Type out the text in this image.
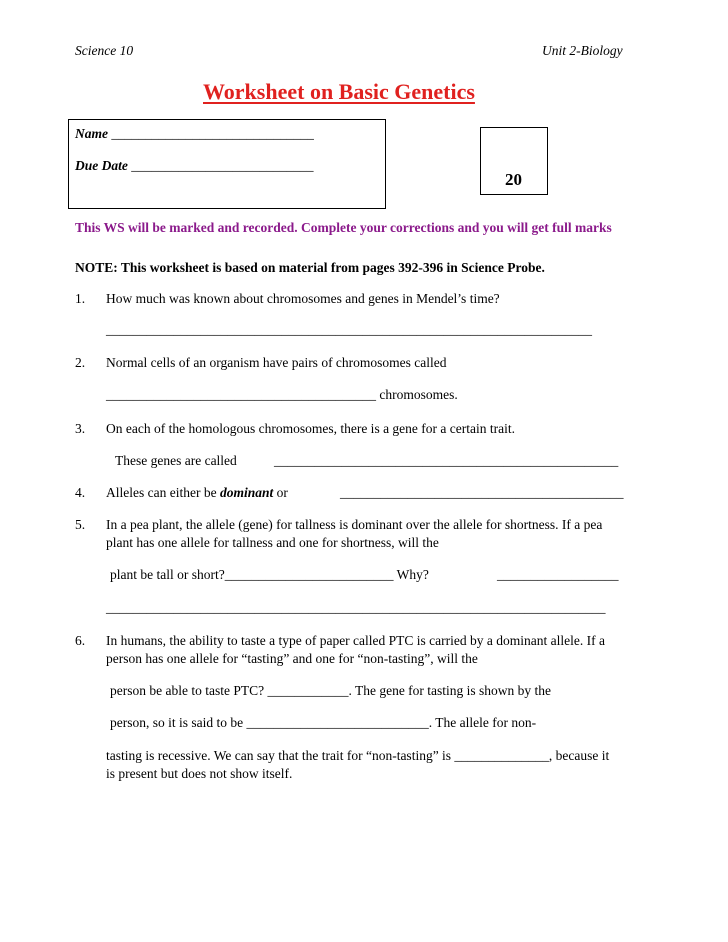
Science 10	Unit 2-Biology
Worksheet on Basic Genetics
Name ______________________________
Due Date ___________________________
20
This WS will be marked and recorded. Complete your corrections and you will get full marks
NOTE: This worksheet is based on material from pages 392-396 in Science Probe.
1. How much was known about chromosomes and genes in Mendel’s time?
________________________________________________________________________
2. Normal cells of an organism have pairs of chromosomes called
________________________________________ chromosomes.
3. On each of the homologous chromosomes, there is a gene for a certain trait.
These genes are called	___________________________________________________
4. Alleles can either be dominant or	__________________________________________
5. In a pea plant, the allele (gene) for tallness is dominant over the allele for shortness. If a pea
plant has one allele for tallness and one for shortness, will the
plant be tall or short?_________________________ Why?	__________________
__________________________________________________________________________
6. In humans, the ability to taste a type of paper called PTC is carried by a dominant allele. If a
person has one allele for “tasting” and one for “non-tasting”, will the
person be able to taste PTC? ____________. The gene for tasting is shown by the
person, so it is said to be ___________________________. The allele for non-
tasting is recessive. We can say that the trait for “non-tasting” is ______________, because it
is present but does not show itself.
